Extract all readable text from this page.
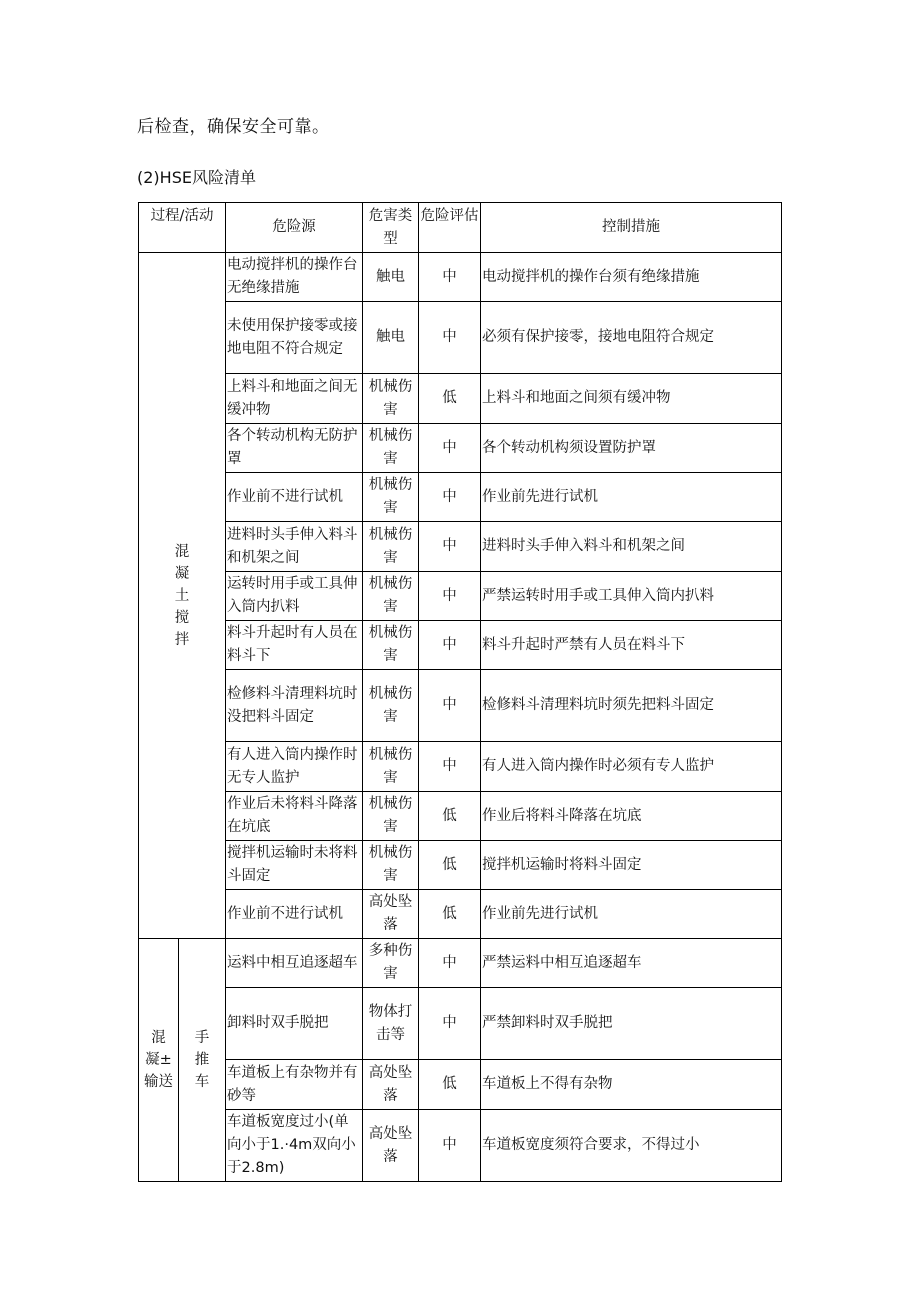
后检查，确保安全可靠。
(2)HSE风险清单
过程/活动		危险源	危害类型	危险评估	控制措施

混
凝
土
搅
拌		电动搅拌机的操作台无绝缘措施	触电	中	电动搅拌机的操作台须有绝缘措施
		未使用保护接零或接地电阻不符合规定	触电	中	必须有保护接零，接地电阻符合规定
		上料斗和地面之间无缓冲物	机械伤害	低	上料斗和地面之间须有缓冲物
		各个转动机构无防护罩	机械伤害	中	各个转动机构须设置防护罩
		作业前不进行试机	机械伤害	中	作业前先进行试机
		进料时头手伸入料斗和机架之间	机械伤害	中	进料时头手伸入料斗和机架之间
		运转时用手或工具伸入筒内扒料	机械伤害	中	严禁运转时用手或工具伸入筒内扒料
		料斗升起时有人员在料斗下	机械伤害	中	料斗升起时严禁有人员在料斗下
		检修料斗清理料坑时没把料斗固定	机械伤害	中	检修料斗清理料坑时须先把料斗固定
		有人进入筒内操作时无专人监护	机械伤害	中	有人进入筒内操作时必须有专人监护
		作业后未将料斗降落在坑底	机械伤害	低	作业后将料斗降落在坑底
		搅拌机运输时未将料斗固定	机械伤害	低	搅拌机运输时将料斗固定
		作业前不进行试机	高处坠落	低	作业前先进行试机

混
凝±
输送	手
推
车	运料中相互追逐超车	多种伤害	中	严禁运料中相互追逐超车
		卸料时双手脱把	物体打击等	中	严禁卸料时双手脱把
		车道板上有杂物并有砂等	高处坠落	低	车道板上不得有杂物
		车道板宽度过小(单向小于1.·4m双向小于2.8m)	高处坠落	中	车道板宽度须符合要求，不得过小
